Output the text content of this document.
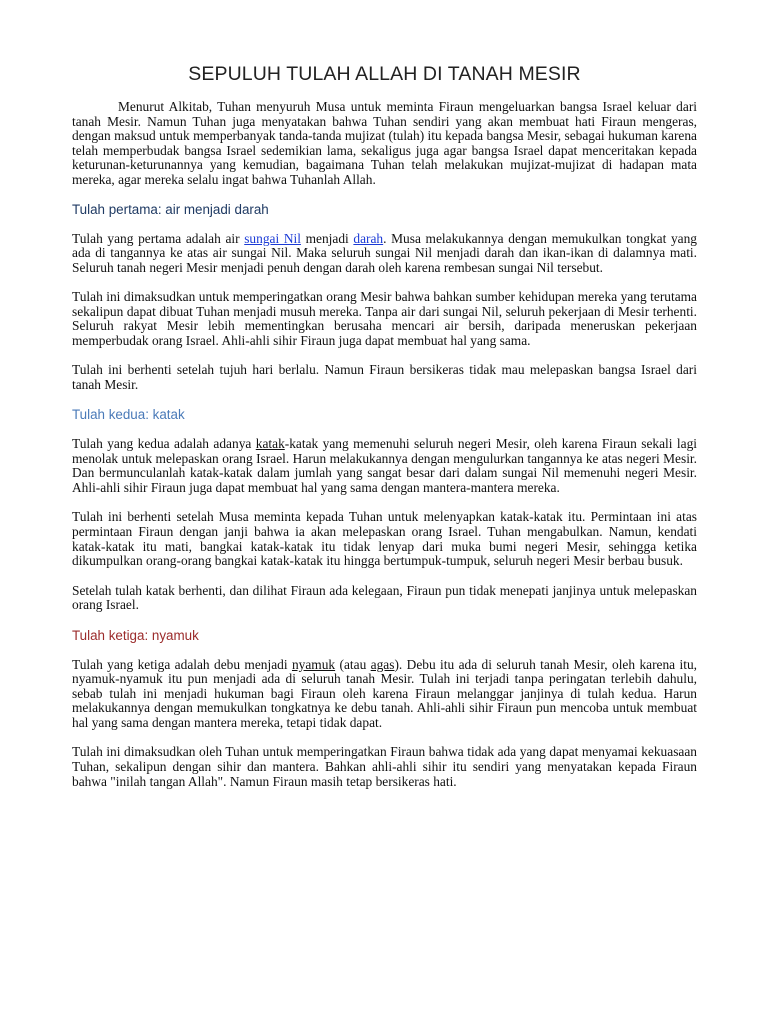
SEPULUH TULAH ALLAH DI TANAH MESIR

Menurut Alkitab, Tuhan menyuruh Musa untuk meminta Firaun mengeluarkan bangsa Israel keluar dari tanah Mesir. Namun Tuhan juga menyatakan bahwa Tuhan sendiri yang akan membuat hati Firaun mengeras, dengan maksud untuk memperbanyak tanda-tanda mujizat (tulah) itu kepada bangsa Mesir, sebagai hukuman karena telah memperbudak bangsa Israel sedemikian lama, sekaligus juga agar bangsa Israel dapat menceritakan kepada keturunan-keturunannya yang kemudian, bagaimana Tuhan telah melakukan mujizat-mujizat di hadapan mata mereka, agar mereka selalu ingat bahwa Tuhanlah Allah.

Tulah pertama: air menjadi darah

Tulah yang pertama adalah air sungai Nil menjadi darah. Musa melakukannya dengan memukulkan tongkat yang ada di tangannya ke atas air sungai Nil. Maka seluruh sungai Nil menjadi darah dan ikan-ikan di dalamnya mati. Seluruh tanah negeri Mesir menjadi penuh dengan darah oleh karena rembesan sungai Nil tersebut.

Tulah ini dimaksudkan untuk memperingatkan orang Mesir bahwa bahkan sumber kehidupan mereka yang terutama sekalipun dapat dibuat Tuhan menjadi musuh mereka. Tanpa air dari sungai Nil, seluruh pekerjaan di Mesir terhenti. Seluruh rakyat Mesir lebih mementingkan berusaha mencari air bersih, daripada meneruskan pekerjaan memperbudak orang Israel. Ahli-ahli sihir Firaun juga dapat membuat hal yang sama.

Tulah ini berhenti setelah tujuh hari berlalu. Namun Firaun bersikeras tidak mau melepaskan bangsa Israel dari tanah Mesir.

Tulah kedua: katak

Tulah yang kedua adalah adanya katak-katak yang memenuhi seluruh negeri Mesir, oleh karena Firaun sekali lagi menolak untuk melepaskan orang Israel. Harun melakukannya dengan mengulurkan tangannya ke atas negeri Mesir. Dan bermunculanlah katak-katak dalam jumlah yang sangat besar dari dalam sungai Nil memenuhi negeri Mesir. Ahli-ahli sihir Firaun juga dapat membuat hal yang sama dengan mantera-mantera mereka.

Tulah ini berhenti setelah Musa meminta kepada Tuhan untuk melenyapkan katak-katak itu. Permintaan ini atas permintaan Firaun dengan janji bahwa ia akan melepaskan orang Israel. Tuhan mengabulkan. Namun, kendati katak-katak itu mati, bangkai katak-katak itu tidak lenyap dari muka bumi negeri Mesir, sehingga ketika dikumpulkan orang-orang bangkai katak-katak itu hingga bertumpuk-tumpuk, seluruh negeri Mesir berbau busuk.

Setelah tulah katak berhenti, dan dilihat Firaun ada kelegaan, Firaun pun tidak menepati janjinya untuk melepaskan orang Israel.

Tulah ketiga: nyamuk

Tulah yang ketiga adalah debu menjadi nyamuk (atau agas). Debu itu ada di seluruh tanah Mesir, oleh karena itu, nyamuk-nyamuk itu pun menjadi ada di seluruh tanah Mesir. Tulah ini terjadi tanpa peringatan terlebih dahulu, sebab tulah ini menjadi hukuman bagi Firaun oleh karena Firaun melanggar janjinya di tulah kedua. Harun melakukannya dengan memukulkan tongkatnya ke debu tanah. Ahli-ahli sihir Firaun pun mencoba untuk membuat hal yang sama dengan mantera mereka, tetapi tidak dapat.

Tulah ini dimaksudkan oleh Tuhan untuk memperingatkan Firaun bahwa tidak ada yang dapat menyamai kekuasaan Tuhan, sekalipun dengan sihir dan mantera. Bahkan ahli-ahli sihir itu sendiri yang menyatakan kepada Firaun bahwa "inilah tangan Allah". Namun Firaun masih tetap bersikeras hati.
